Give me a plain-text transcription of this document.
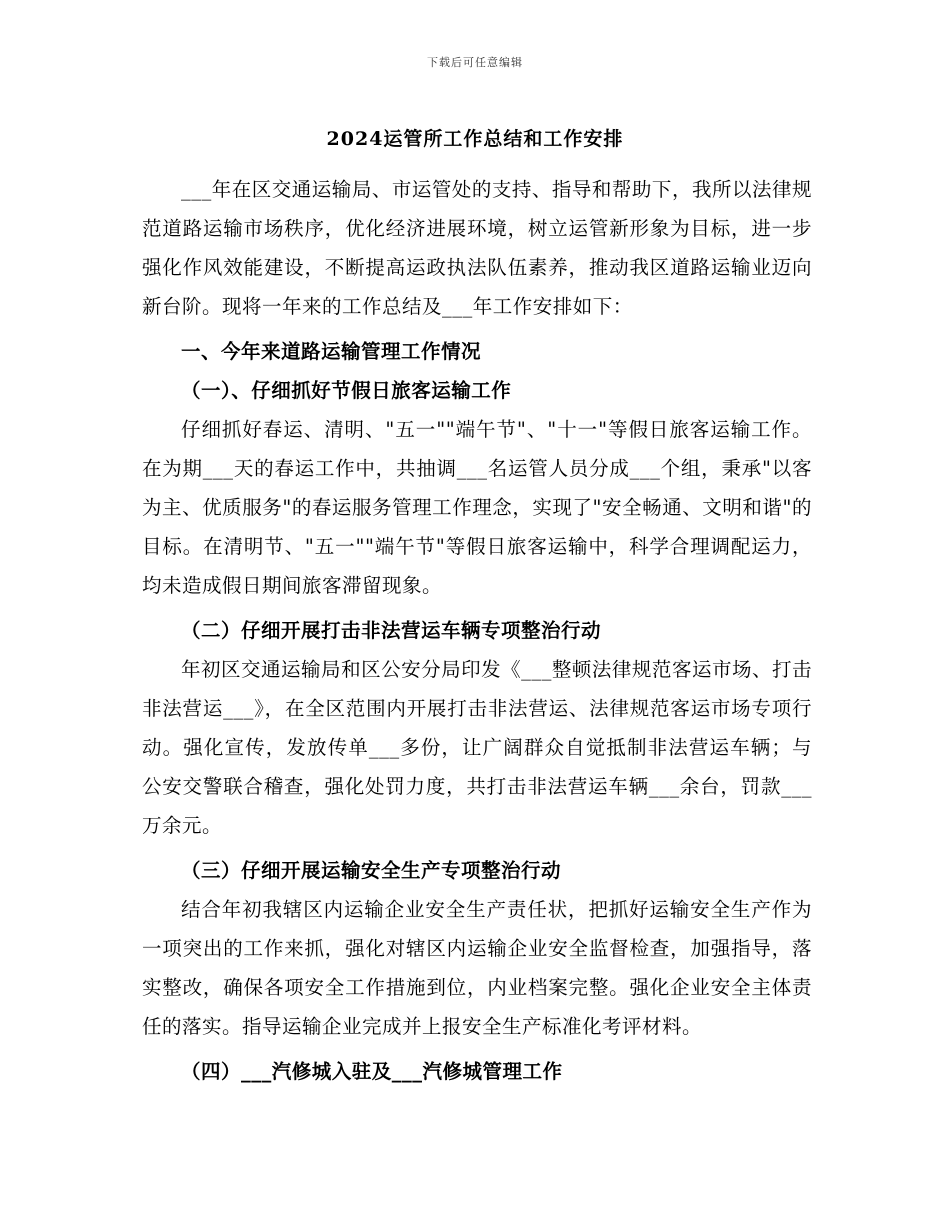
下载后可任意编辑
2024运管所工作总结和工作安排

___年在区交通运输局、市运管处的支持、指导和帮助下，我所以法律规范道路运输市场秩序，优化经济进展环境，树立运管新形象为目标，进一步强化作风效能建设，不断提高运政执法队伍素养，推动我区道路运输业迈向新台阶。现将一年来的工作总结及___年工作安排如下：

一、今年来道路运输管理工作情况

（一）、仔细抓好节假日旅客运输工作

仔细抓好春运、清明、"五一""端午节"、"十一"等假日旅客运输工作。在为期___天的春运工作中，共抽调___名运管人员分成___个组，秉承"以客为主、优质服务"的春运服务管理工作理念，实现了"安全畅通、文明和谐"的目标。在清明节、"五一""端午节"等假日旅客运输中，科学合理调配运力，均未造成假日期间旅客滞留现象。

（二）仔细开展打击非法营运车辆专项整治行动

年初区交通运输局和区公安分局印发《___整顿法律规范客运市场、打击非法营运___》，在全区范围内开展打击非法营运、法律规范客运市场专项行动。强化宣传，发放传单___多份，让广阔群众自觉抵制非法营运车辆；与公安交警联合稽查，强化处罚力度，共打击非法营运车辆___余台，罚款___万余元。

（三）仔细开展运输安全生产专项整治行动

结合年初我辖区内运输企业安全生产责任状，把抓好运输安全生产作为一项突出的工作来抓，强化对辖区内运输企业安全监督检查，加强指导，落实整改，确保各项安全工作措施到位，内业档案完整。强化企业安全主体责任的落实。指导运输企业完成并上报安全生产标准化考评材料。

（四）___汽修城入驻及___汽修城管理工作
